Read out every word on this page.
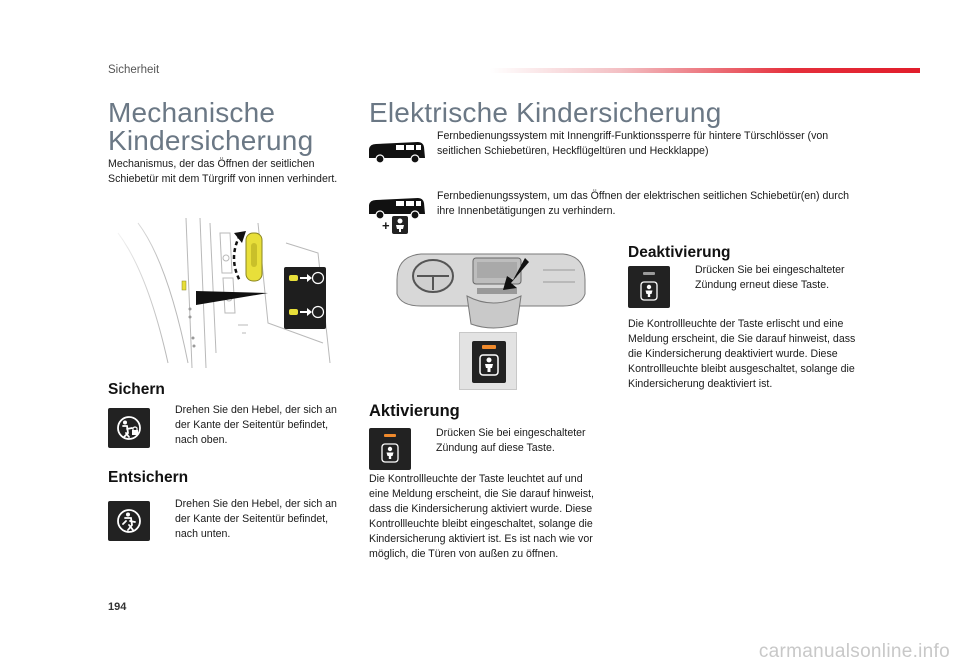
Sicherheit
Mechanische
Kindersicherung
Mechanismus, der das Öffnen der seitlichen Schiebetür mit dem Türgriff von innen verhindert.
Sichern
Drehen Sie den Hebel, der sich an der Kante der Seitentür befindet, nach oben.
Entsichern
Drehen Sie den Hebel, der sich an der Kante der Seitentür befindet, nach unten.
Elektrische Kindersicherung
Fernbedienungssystem mit Innengriff-Funktionssperre für hintere Türschlösser (von seitlichen Schiebetüren, Heckflügeltüren und Heckklappe)
+
Fernbedienungssystem, um das Öffnen der elektrischen seitlichen Schiebetür(en) durch ihre Innenbetätigungen zu verhindern.
Aktivierung
Drücken Sie bei eingeschalteter Zündung auf diese Taste.
Die Kontrollleuchte der Taste leuchtet auf und eine Meldung erscheint, die Sie darauf hinweist, dass die Kindersicherung aktiviert wurde. Diese Kontrollleuchte bleibt eingeschaltet, solange die Kindersicherung aktiviert ist. Es ist nach wie vor möglich, die Türen von außen zu öffnen.
Deaktivierung
Drücken Sie bei eingeschalteter Zündung erneut diese Taste.
Die Kontrollleuchte der Taste erlischt und eine Meldung erscheint, die Sie darauf hinweist, dass die Kindersicherung deaktiviert wurde. Diese Kontrollleuchte bleibt ausgeschaltet, solange die Kindersicherung deaktiviert ist.
194
carmanualsonline.info
